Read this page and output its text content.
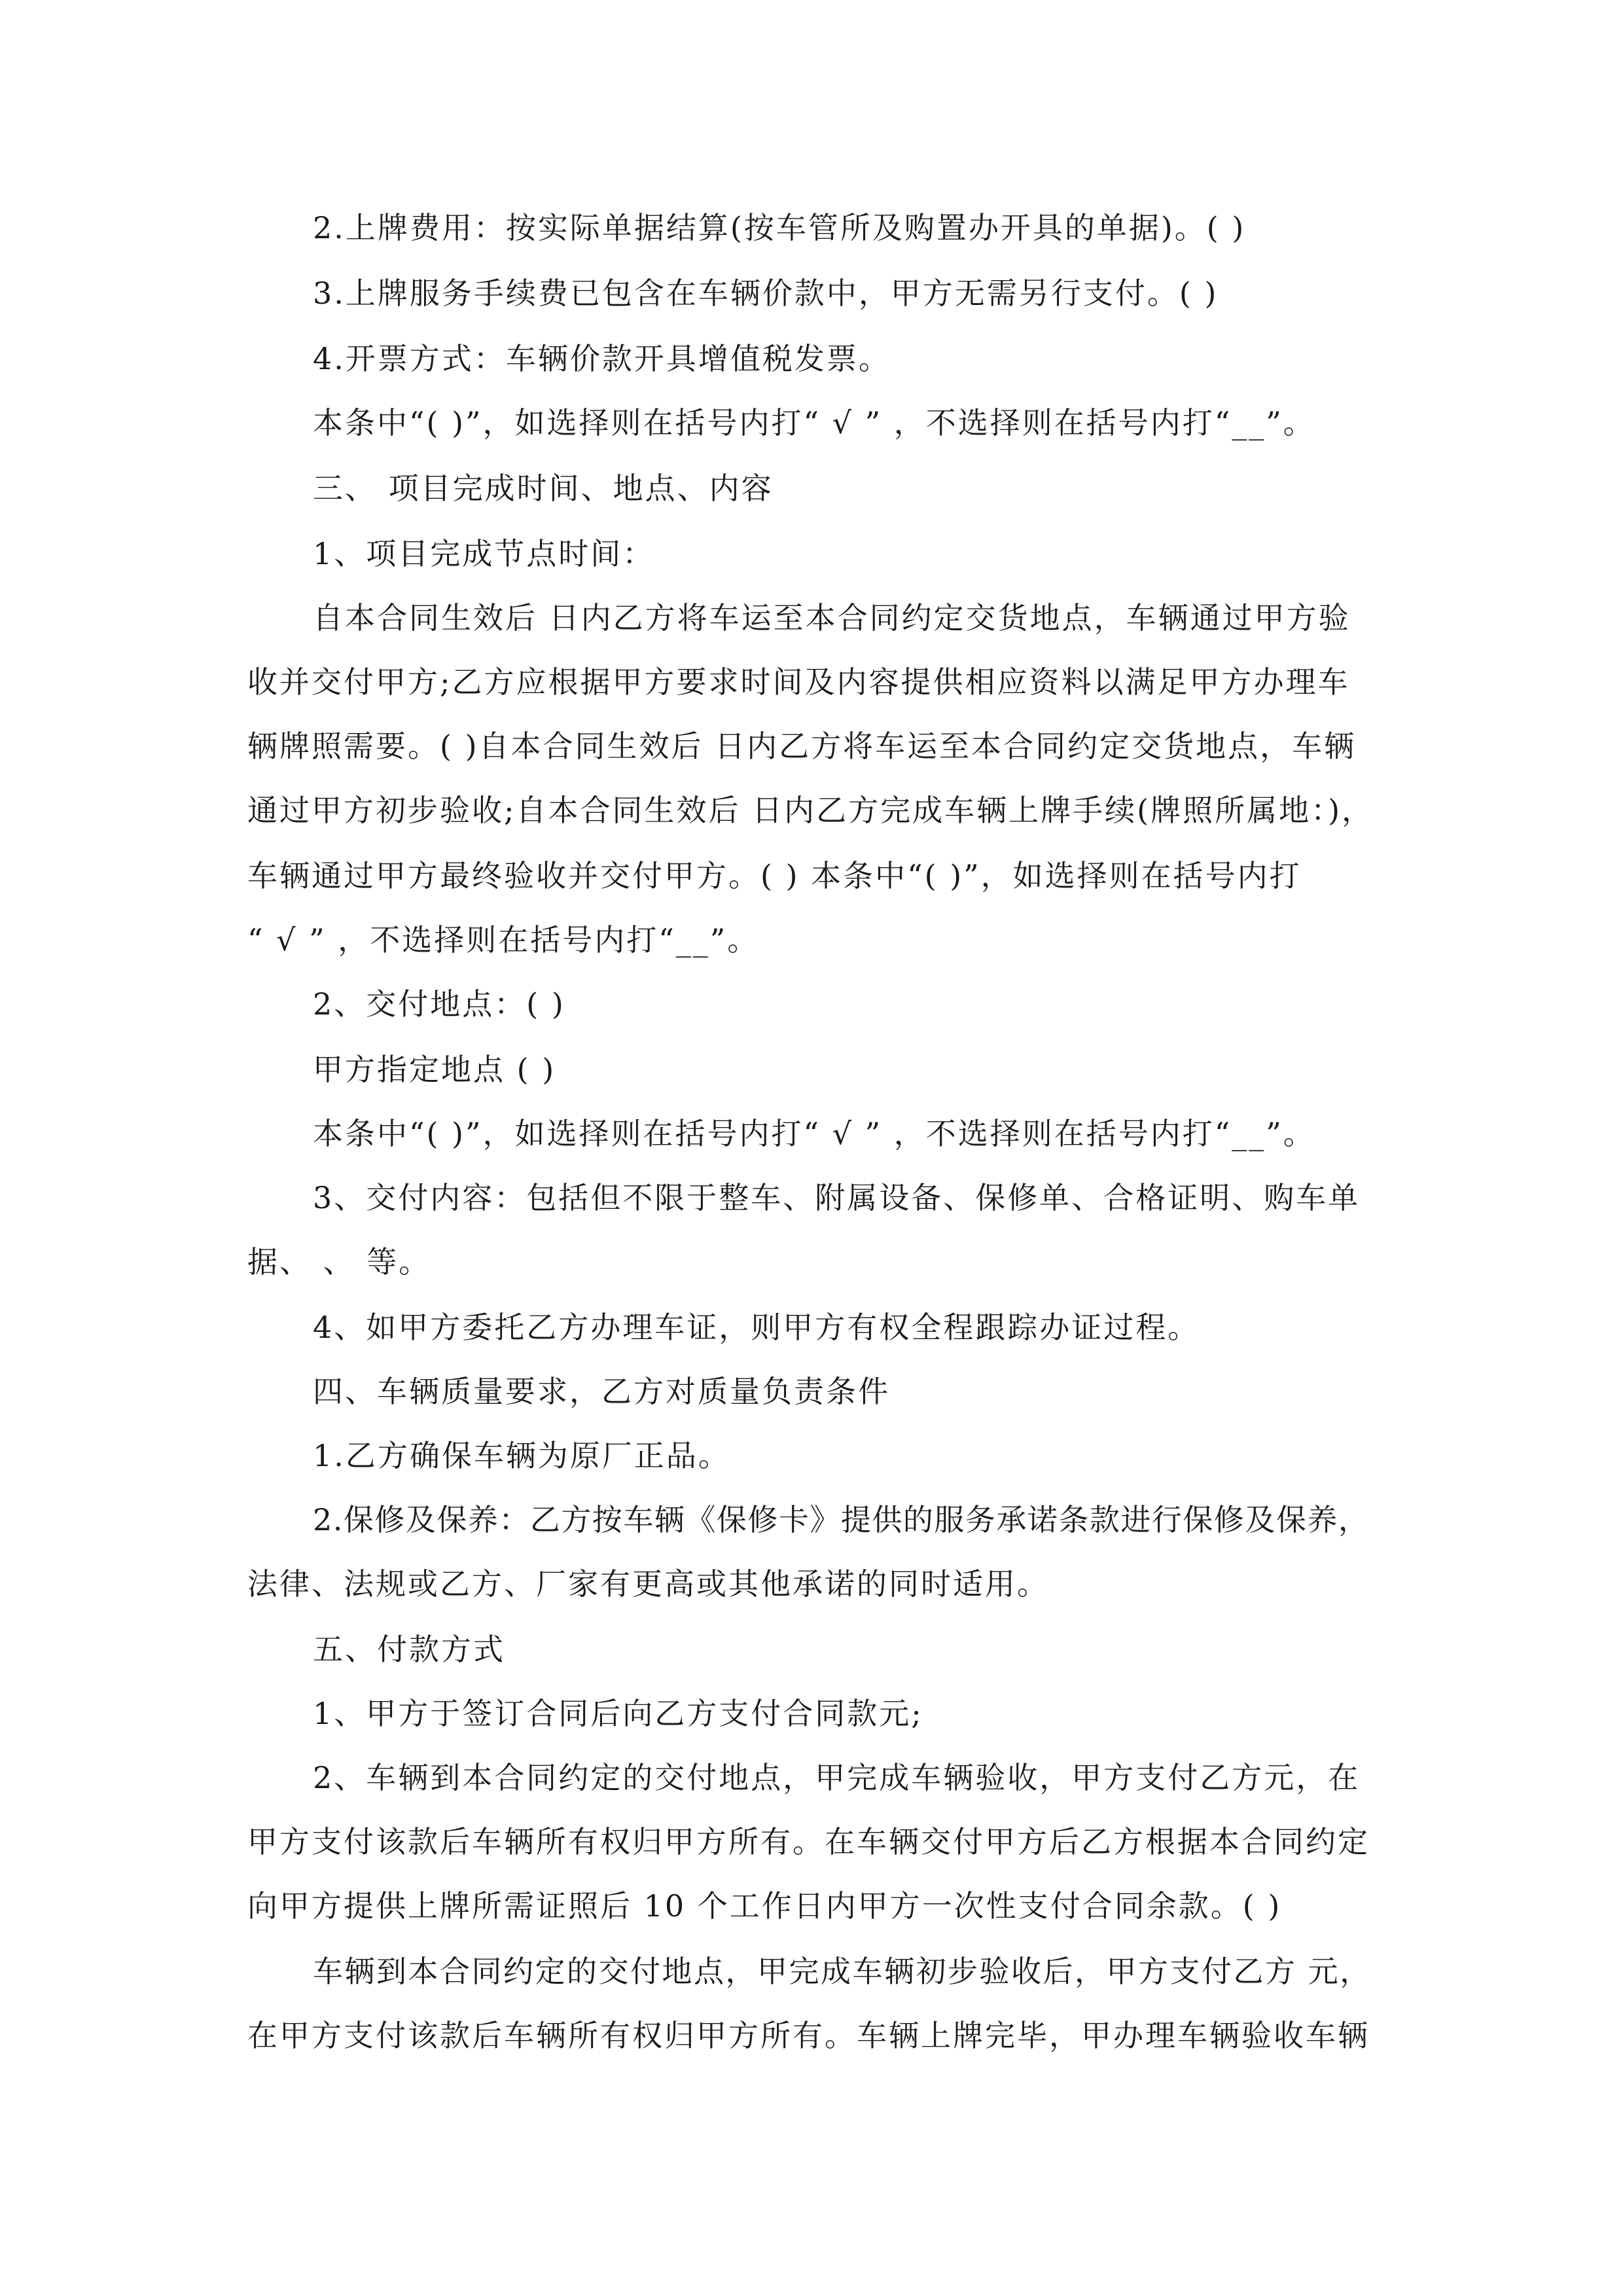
2.上牌费用：按实际单据结算(按车管所及购置办开具的单据)。( )
3.上牌服务手续费已包含在车辆价款中，甲方无需另行支付。( )
4.开票方式：车辆价款开具增值税发票。
本条中“( )”，如选择则在括号内打“ √ ” ，不选择则在括号内打“__”。
三、 项目完成时间、地点、内容
1、项目完成节点时间：
自本合同生效后 日内乙方将车运至本合同约定交货地点，车辆通过甲方验
收并交付甲方;乙方应根据甲方要求时间及内容提供相应资料以满足甲方办理车
辆牌照需要。( )自本合同生效后 日内乙方将车运至本合同约定交货地点，车辆
通过甲方初步验收;自本合同生效后 日内乙方完成车辆上牌手续(牌照所属地：)，
车辆通过甲方最终验收并交付甲方。( ) 本条中“( )”，如选择则在括号内打
“ √ ” ，不选择则在括号内打“__”。
2、交付地点：( )
甲方指定地点 ( )
本条中“( )”，如选择则在括号内打“ √ ” ，不选择则在括号内打“__”。
3、交付内容：包括但不限于整车、附属设备、保修单、合格证明、购车单
据、 、 等。
4、如甲方委托乙方办理车证，则甲方有权全程跟踪办证过程。
四、车辆质量要求，乙方对质量负责条件
1.乙方确保车辆为原厂正品。
2.保修及保养：乙方按车辆《保修卡》提供的服务承诺条款进行保修及保养，
法律、法规或乙方、厂家有更高或其他承诺的同时适用。
五、付款方式
1、甲方于签订合同后向乙方支付合同款元;
2、车辆到本合同约定的交付地点，甲完成车辆验收，甲方支付乙方元，在
甲方支付该款后车辆所有权归甲方所有。在车辆交付甲方后乙方根据本合同约定
向甲方提供上牌所需证照后 10 个工作日内甲方一次性支付合同余款。( )
车辆到本合同约定的交付地点，甲完成车辆初步验收后，甲方支付乙方 元，
在甲方支付该款后车辆所有权归甲方所有。车辆上牌完毕，甲办理车辆验收车辆
